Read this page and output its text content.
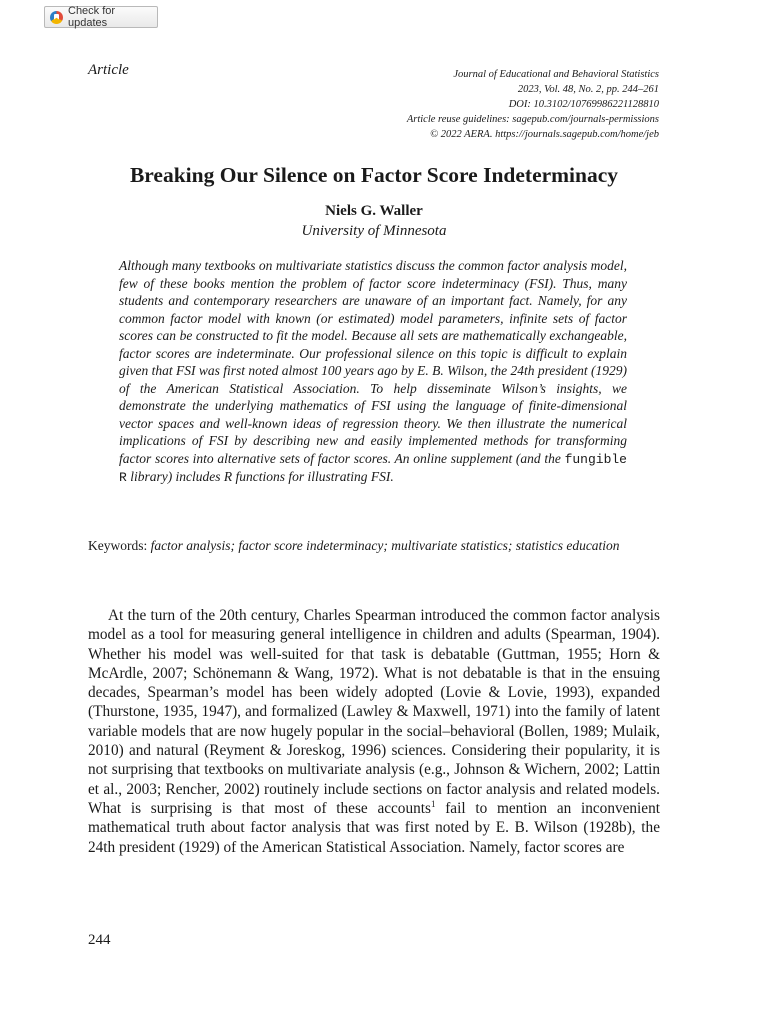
Check for updates
Article	Journal of Educational and Behavioral Statistics
2023, Vol. 48, No. 2, pp. 244–261
DOI: 10.3102/10769986221128810
Article reuse guidelines: sagepub.com/journals-permissions
© 2022 AERA. https://journals.sagepub.com/home/jeb
Breaking Our Silence on Factor Score Indeterminacy
Niels G. Waller
University of Minnesota

Although many textbooks on multivariate statistics discuss the common factor analysis model, few of these books mention the problem of factor score indeterminacy (FSI). Thus, many students and contemporary researchers are unaware of an important fact. Namely, for any common factor model with known (or estimated) model parameters, infinite sets of factor scores can be constructed to fit the model. Because all sets are mathematically exchangeable, factor scores are indeterminate. Our professional silence on this topic is difficult to explain given that FSI was first noted almost 100 years ago by E. B. Wilson, the 24th president (1929) of the American Statistical Association. To help disseminate Wilson’s insights, we demonstrate the underlying mathematics of FSI using the language of finite-dimensional vector spaces and well-known ideas of regression theory. We then illustrate the numerical implications of FSI by describing new and easily implemented methods for transforming factor scores into alternative sets of factor scores. An online supplement (and the fungible R library) includes R functions for illustrating FSI.

Keywords: factor analysis; factor score indeterminacy; multivariate statistics; statistics education

At the turn of the 20th century, Charles Spearman introduced the common factor analysis model as a tool for measuring general intelligence in children and adults (Spearman, 1904). Whether his model was well-suited for that task is debatable (Guttman, 1955; Horn & McArdle, 2007; Schönemann & Wang, 1972). What is not debatable is that in the ensuing decades, Spearman’s model has been widely adopted (Lovie & Lovie, 1993), expanded (Thurstone, 1935, 1947), and formalized (Lawley & Maxwell, 1971) into the family of latent variable models that are now hugely popular in the social–behavioral (Bollen, 1989; Mulaik, 2010) and natural (Reyment & Joreskog, 1996) sciences. Considering their popularity, it is not surprising that textbooks on multivariate analysis (e.g., Johnson & Wichern, 2002; Lattin et al., 2003; Rencher, 2002) routinely include sections on factor analysis and related models. What is surprising is that most of these accounts$^1$ fail to mention an inconvenient mathematical truth about factor analysis that was first noted by E. B. Wilson (1928b), the 24th president (1929) of the American Statistical Association. Namely, factor scores are

244
